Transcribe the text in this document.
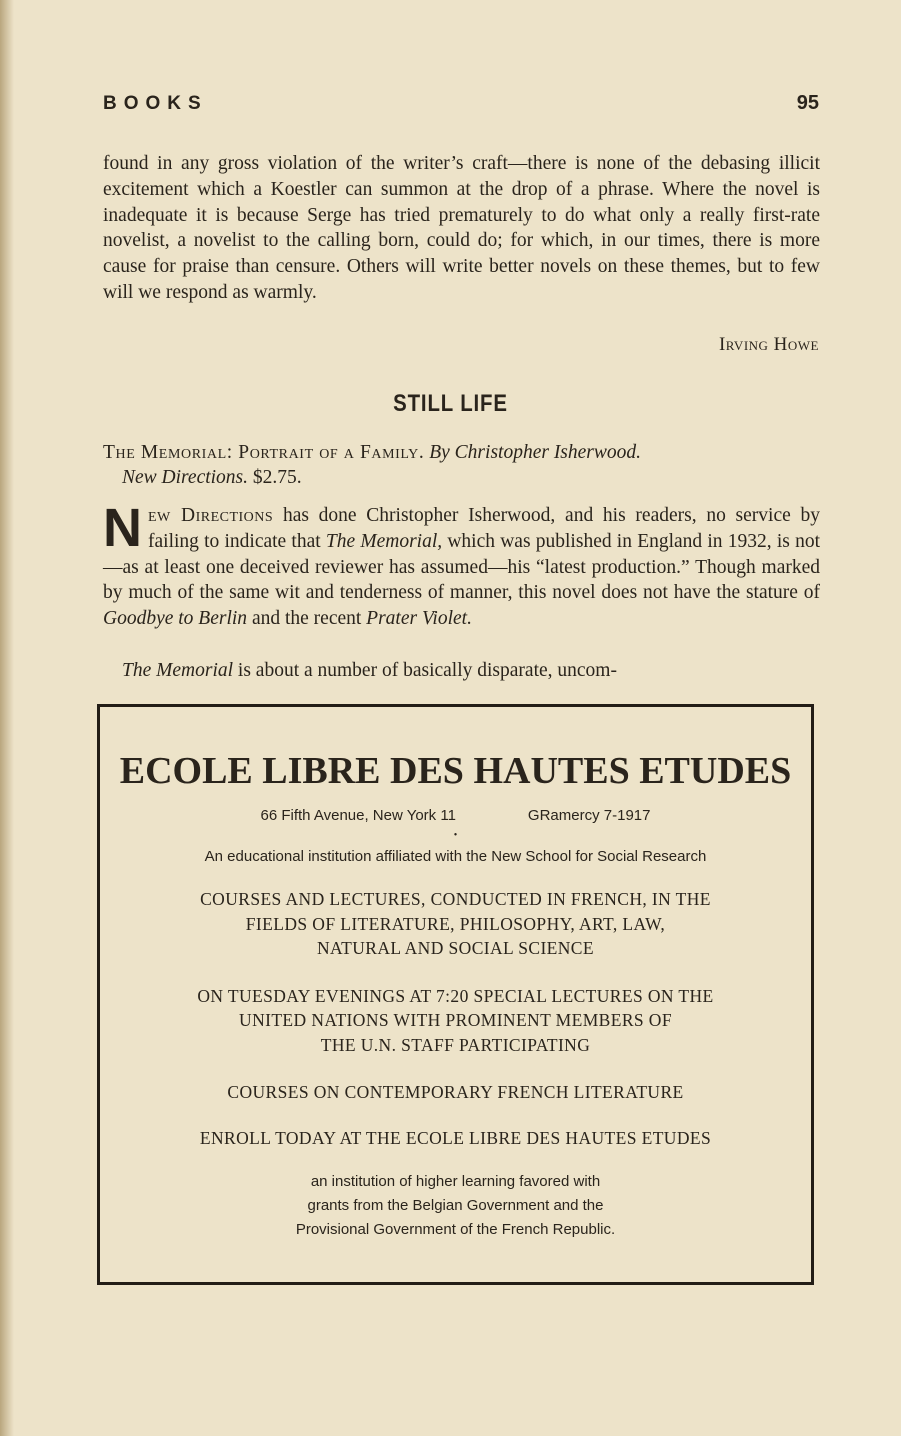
BOOKS	95
found in any gross violation of the writer’s craft—there is none of the debasing illicit excitement which a Koestler can summon at the drop of a phrase. Where the novel is inadequate it is because Serge has tried prematurely to do what only a really first-rate novelist, a novelist to the calling born, could do; for which, in our times, there is more cause for praise than censure. Others will write better novels on these themes, but to few will we respond as warmly.
Irving Howe
STILL LIFE
The Memorial: Portrait of a Family. By Christopher Isherwood.
New Directions. $2.75.
New Directions has done Christopher Isherwood, and his readers, no service by failing to indicate that The Memorial, which was published in England in 1932, is not—as at least one deceived reviewer has assumed—his “latest production.” Though marked by much of the same wit and tenderness of manner, this novel does not have the stature of Goodbye to Berlin and the recent Prater Violet.
The Memorial is about a number of basically disparate, uncom-
ECOLE LIBRE DES HAUTES ETUDES
66 Fifth Avenue, New York 11	GRamercy 7-1917
•
An educational institution affiliated with the New School for Social Research
COURSES AND LECTURES, CONDUCTED IN FRENCH, IN THE
FIELDS OF LITERATURE, PHILOSOPHY, ART, LAW,
NATURAL AND SOCIAL SCIENCE
ON TUESDAY EVENINGS AT 7:20 SPECIAL LECTURES ON THE
UNITED NATIONS WITH PROMINENT MEMBERS OF
THE U.N. STAFF PARTICIPATING
COURSES ON CONTEMPORARY FRENCH LITERATURE
ENROLL TODAY AT THE ECOLE LIBRE DES HAUTES ETUDES
an institution of higher learning favored with
grants from the Belgian Government and the
Provisional Government of the French Republic.
